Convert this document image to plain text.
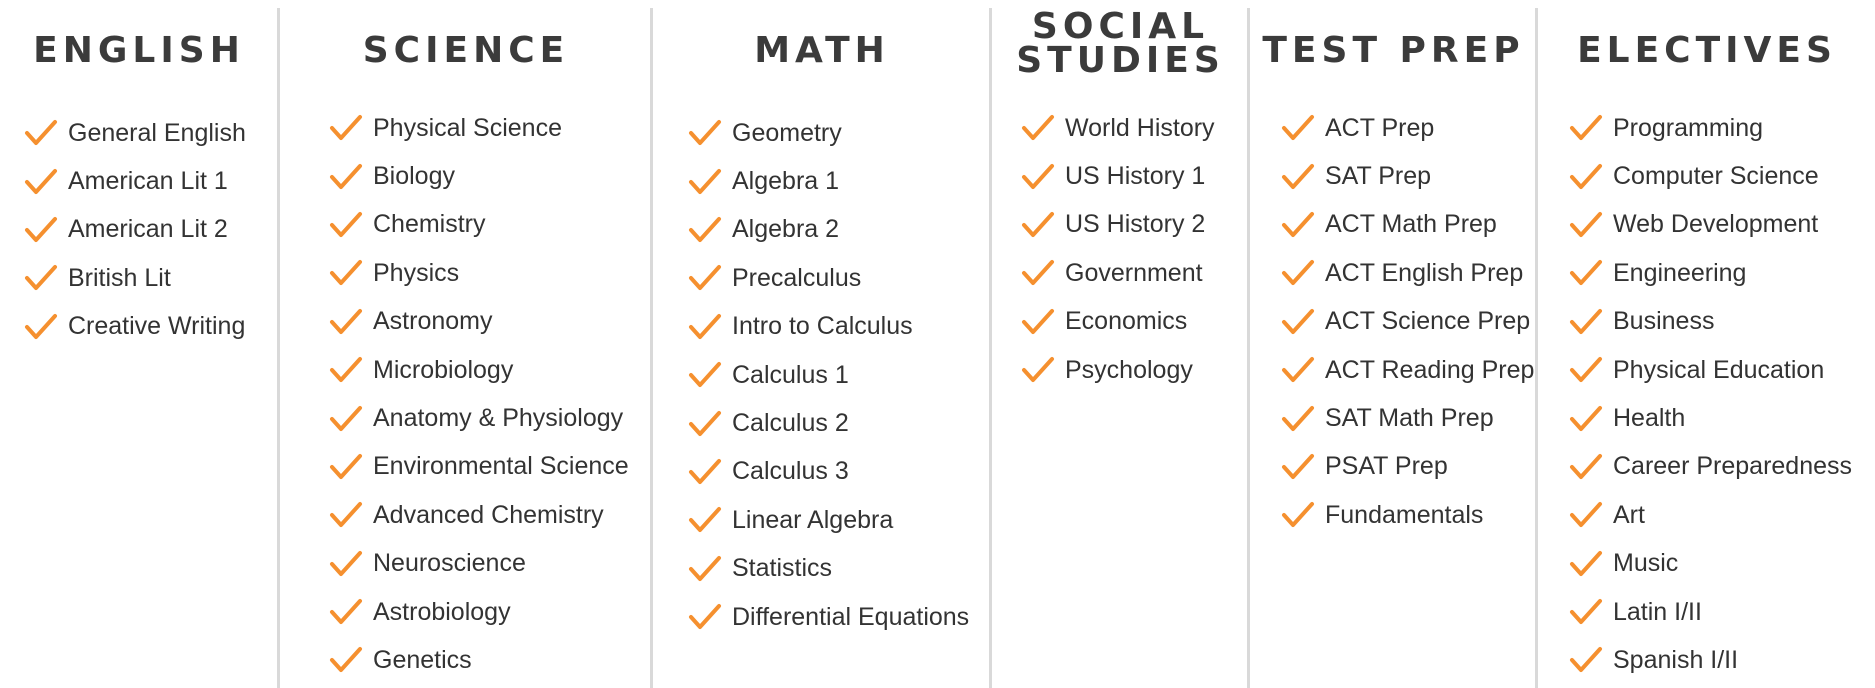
ENGLISH
General English
American Lit 1
American Lit 2
British Lit
Creative Writing
SCIENCE
Physical Science
Biology
Chemistry
Physics
Astronomy
Microbiology
Anatomy & Physiology
Environmental Science
Advanced Chemistry
Neuroscience
Astrobiology
Genetics
MATH
Geometry
Algebra 1
Algebra 2
Precalculus
Intro to Calculus
Calculus 1
Calculus 2
Calculus 3
Linear Algebra
Statistics
Differential Equations
SOCIAL
STUDIES
World History
US History 1
US History 2
Government
Economics
Psychology
TEST PREP
ACT Prep
SAT Prep
ACT Math Prep
ACT English Prep
ACT Science Prep
ACT Reading Prep
SAT Math Prep
PSAT Prep
Fundamentals
ELECTIVES
Programming
Computer Science
Web Development
Engineering
Business
Physical Education
Health
Career Preparedness
Art
Music
Latin I/II
Spanish I/II
